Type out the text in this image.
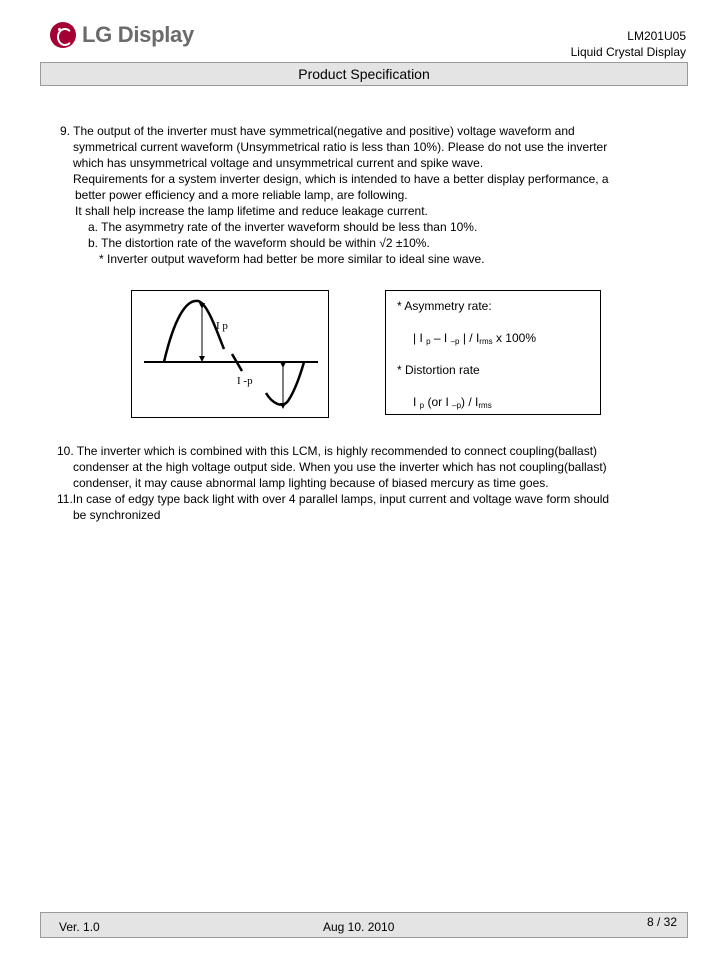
LG Display	LM201U05
Liquid Crystal Display
Product Specification
9. The output of the inverter must have symmetrical(negative and positive) voltage waveform and
symmetrical current waveform (Unsymmetrical ratio is less than 10%). Please do not use the inverter
which has unsymmetrical voltage and unsymmetrical current and spike wave.
Requirements for a system inverter design, which is intended to have a better display performance, a
better power efficiency and a more reliable lamp, are following.
It shall help increase the lamp lifetime and reduce leakage current.
a. The asymmetry rate of the inverter waveform should be less than 10%.
b. The distortion rate of the waveform should be within √2 ±10%.
* Inverter output waveform had better be more similar to ideal sine wave.
I p
I -p
* Asymmetry rate:
| I p – I –p | / Irms x 100%
* Distortion rate
I p (or I –p) / Irms
10. The inverter which is combined with this LCM, is highly recommended to connect coupling(ballast)
condenser at the high voltage output side. When you use the inverter which has not coupling(ballast)
condenser, it may cause abnormal lamp lighting because of biased mercury as time goes.
11.In case of edgy type back light with over 4 parallel lamps, input current and voltage wave form should
be synchronized
Ver. 1.0	Aug 10. 2010	8 / 32
